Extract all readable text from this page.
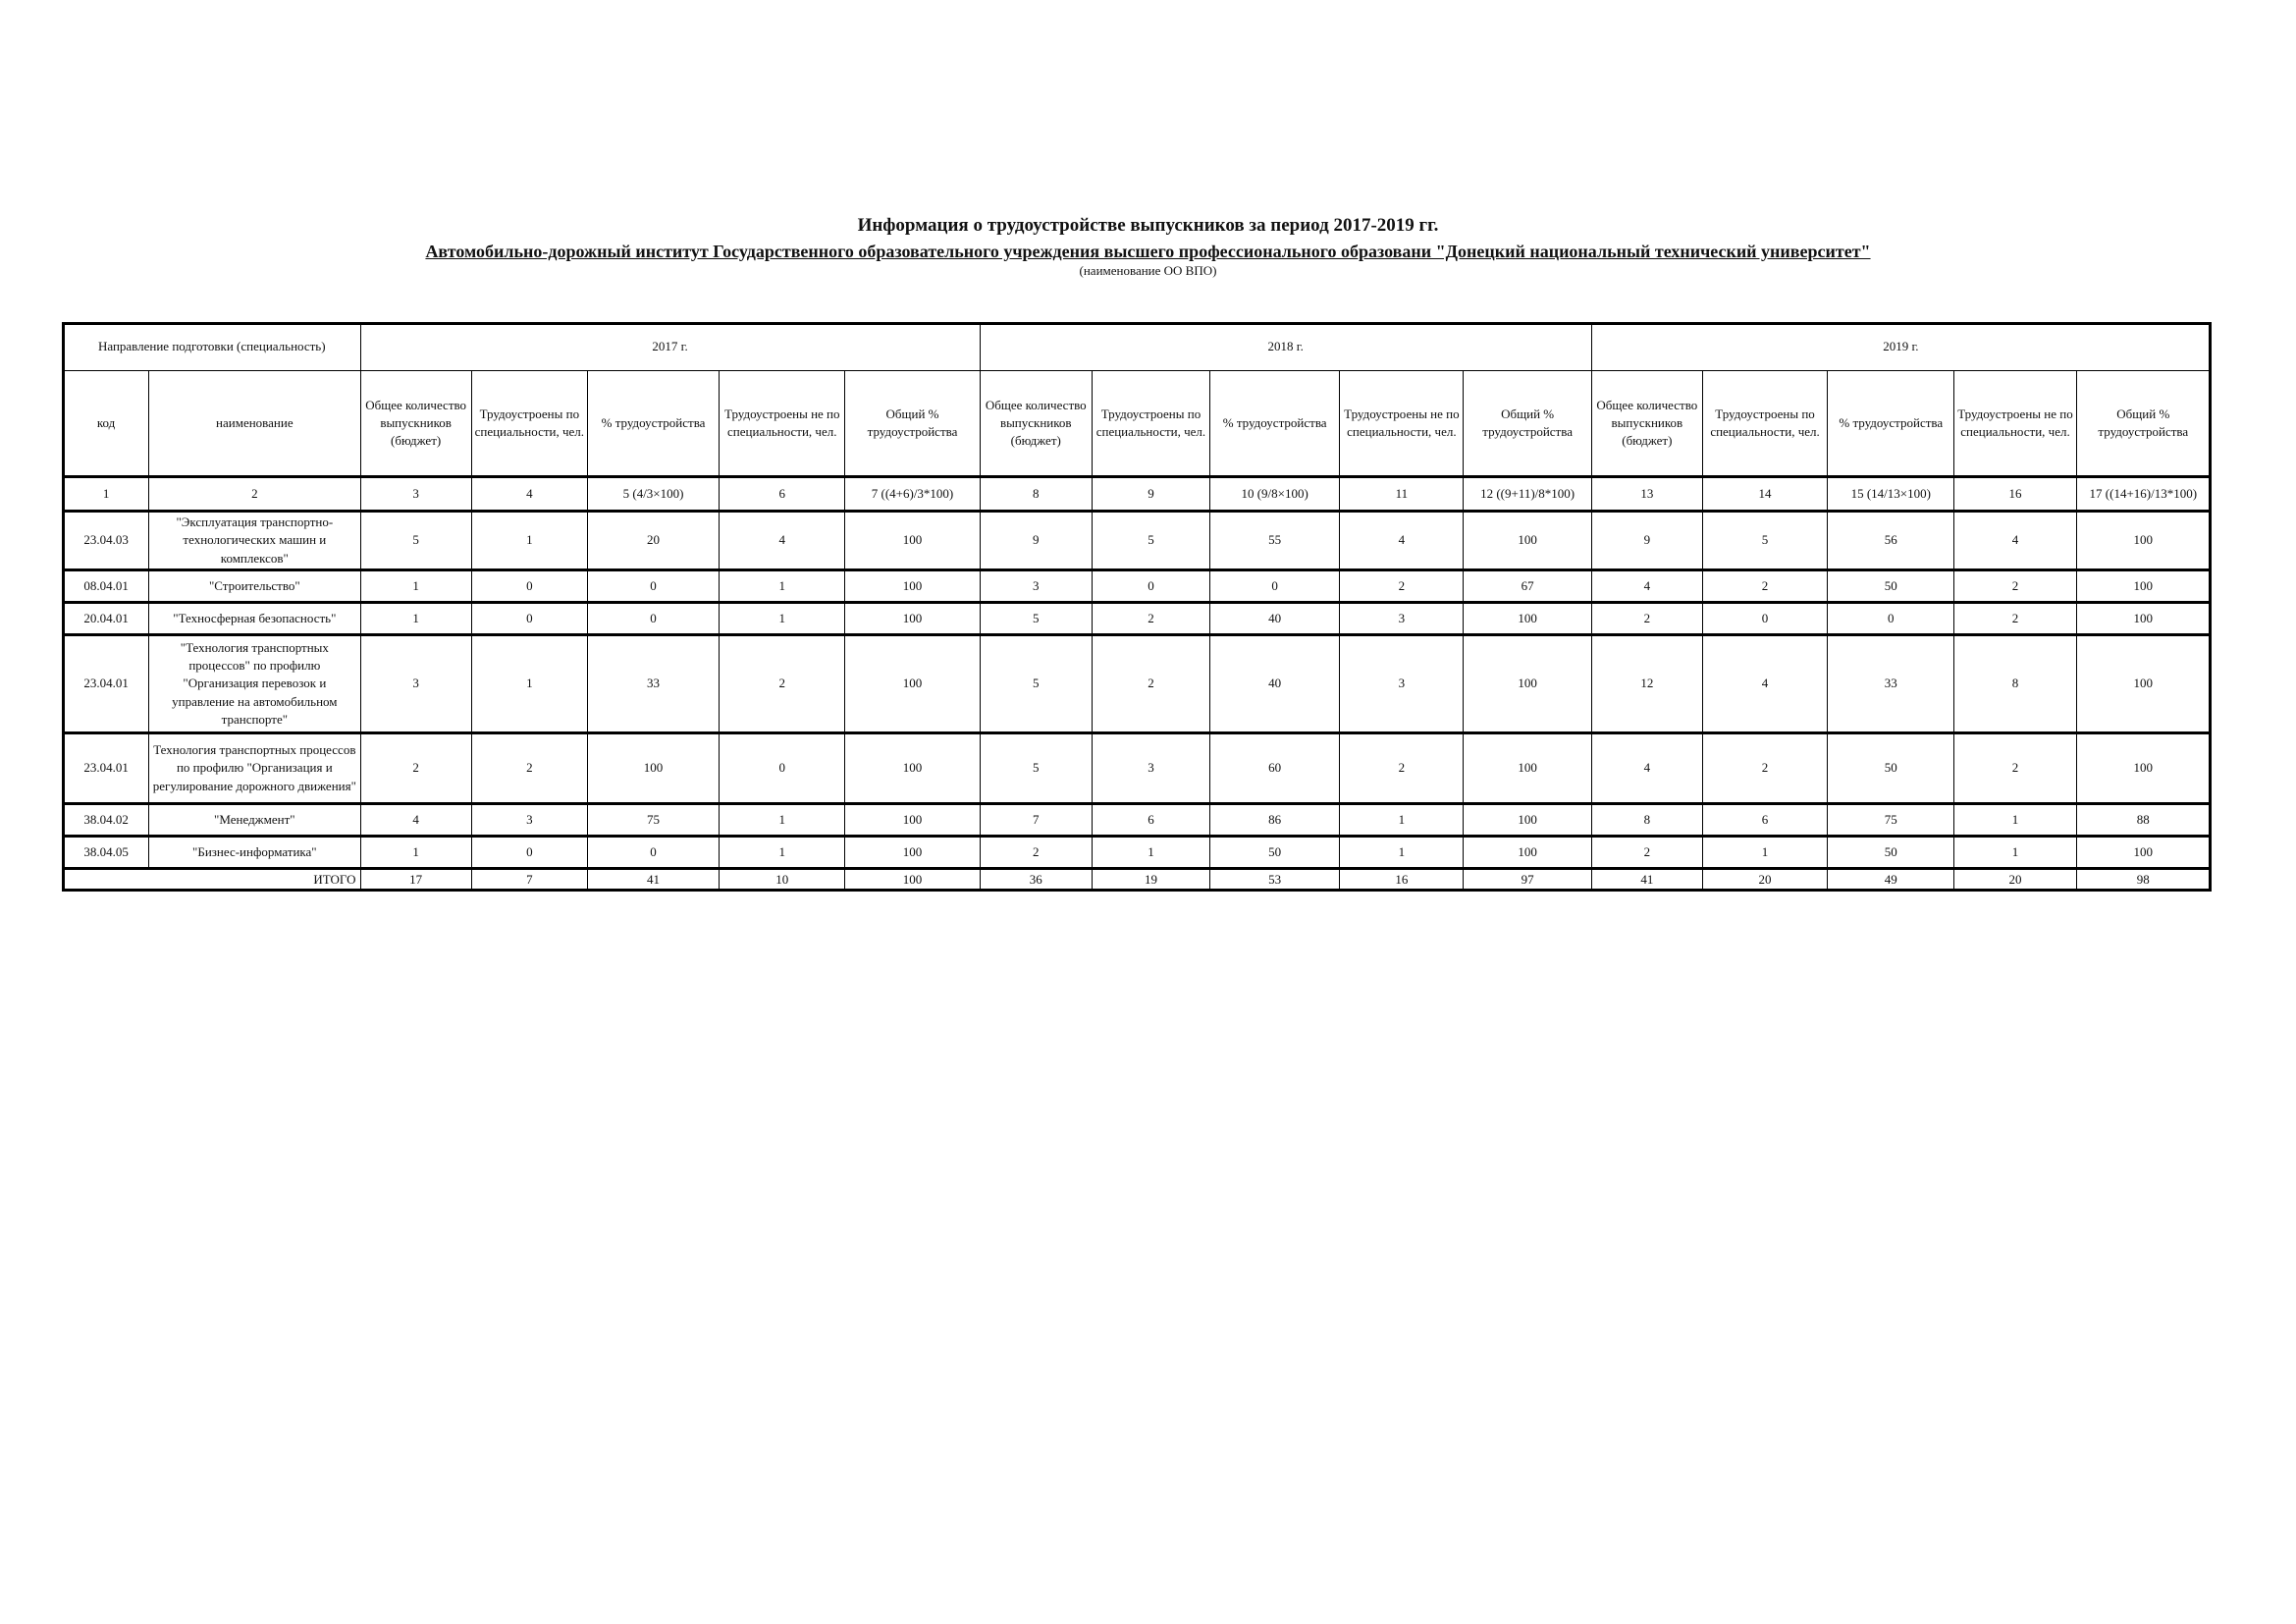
Информация о трудоустройстве выпускников за период 2017-2019 гг.
Автомобильно-дорожный институт Государственного образовательного учреждения высшего профессионального образовани "Донецкий национальный технический университет"
(наименование ОО ВПО)
Направление подготовки (специальность)		2017 г.					2018 г.					2019 г.				
код	наименование	Общее количество выпускников (бюджет)	Трудоустроены по специальности, чел.	% трудоустройства	Трудоустроены не по специальности, чел.	Общий % трудоустройства	Общее количество выпускников (бюджет)	Трудоустроены по специальности, чел.	% трудоустройства	Трудоустроены не по специальности, чел.	Общий % трудоустройства	Общее количество выпускников (бюджет)	Трудоустроены по специальности, чел.	% трудоустройства	Трудоустроены не по специальности, чел.	Общий % трудоустройства
1	2	3	4	5 (4/3×100)	6	7 ((4+6)/3*100)	8	9	10 (9/8×100)	11	12 ((9+11)/8*100)	13	14	15 (14/13×100)	16	17 ((14+16)/13*100)
23.04.03	"Эксплуатация транспортно-технологических машин и комплексов"	5	1	20	4	100	9	5	55	4	100	9	5	56	4	100
08.04.01	"Строительство"	1	0	0	1	100	3	0	0	2	67	4	2	50	2	100
20.04.01	"Техносферная безопасность"	1	0	0	1	100	5	2	40	3	100	2	0	0	2	100
23.04.01	"Технология транспортных процессов" по профилю "Организация перевозок и управление на автомобильном транспорте"	3	1	33	2	100	5	2	40	3	100	12	4	33	8	100
23.04.01	Технология транспортных процессов по профилю "Организация и регулирование дорожного движения"	2	2	100	0	100	5	3	60	2	100	4	2	50	2	100
38.04.02	"Менеджмент"	4	3	75	1	100	7	6	86	1	100	8	6	75	1	88
38.04.05	"Бизнес-информатика"	1	0	0	1	100	2	1	50	1	100	2	1	50	1	100
ИТОГО		17	7	41	10	100	36	19	53	16	97	41	20	49	20	98
